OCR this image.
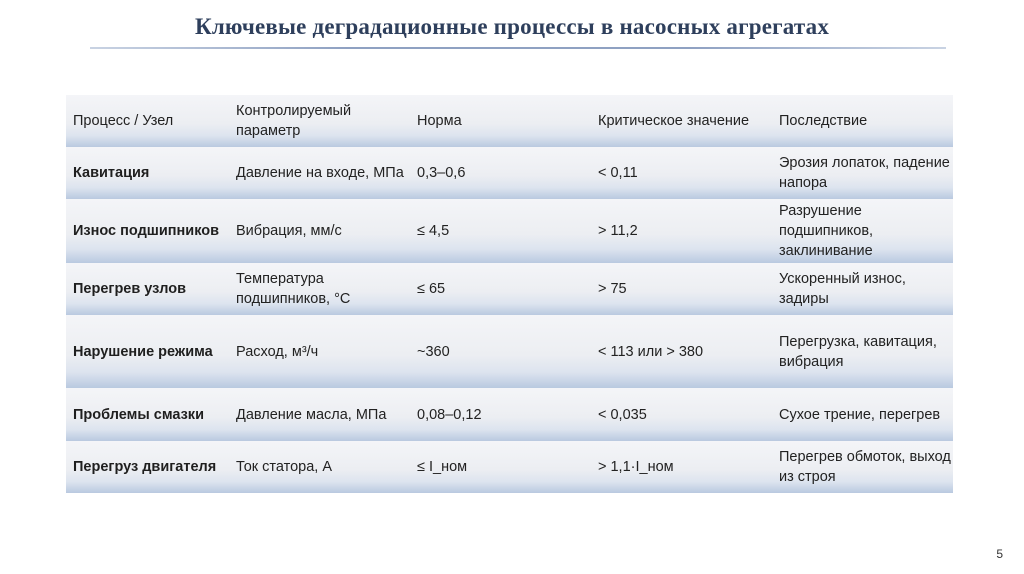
Ключевые деградационные процессы в насосных агрегатах
Процесс / Узел	Контролируемый параметр	Норма	Критическое значение	Последствие
Кавитация	Давление на входе, МПа	0,3–0,6	< 0,11	Эрозия лопаток, падение напора
Износ подшипников	Вибрация, мм/с	≤ 4,5	> 11,2	Разрушение подшипников, заклинивание
Перегрев узлов	Температура подшипников, °C	≤ 65	> 75	Ускоренный износ, задиры
Нарушение режима	Расход, м³/ч	~360	< 113 или > 380	Перегрузка, кавитация, вибрация
Проблемы смазки	Давление масла, МПа	0,08–0,12	< 0,035	Сухое трение, перегрев
Перегруз двигателя	Ток статора, А	≤ I_ном	> 1,1·I_ном	Перегрев обмоток, выход из строя
5
